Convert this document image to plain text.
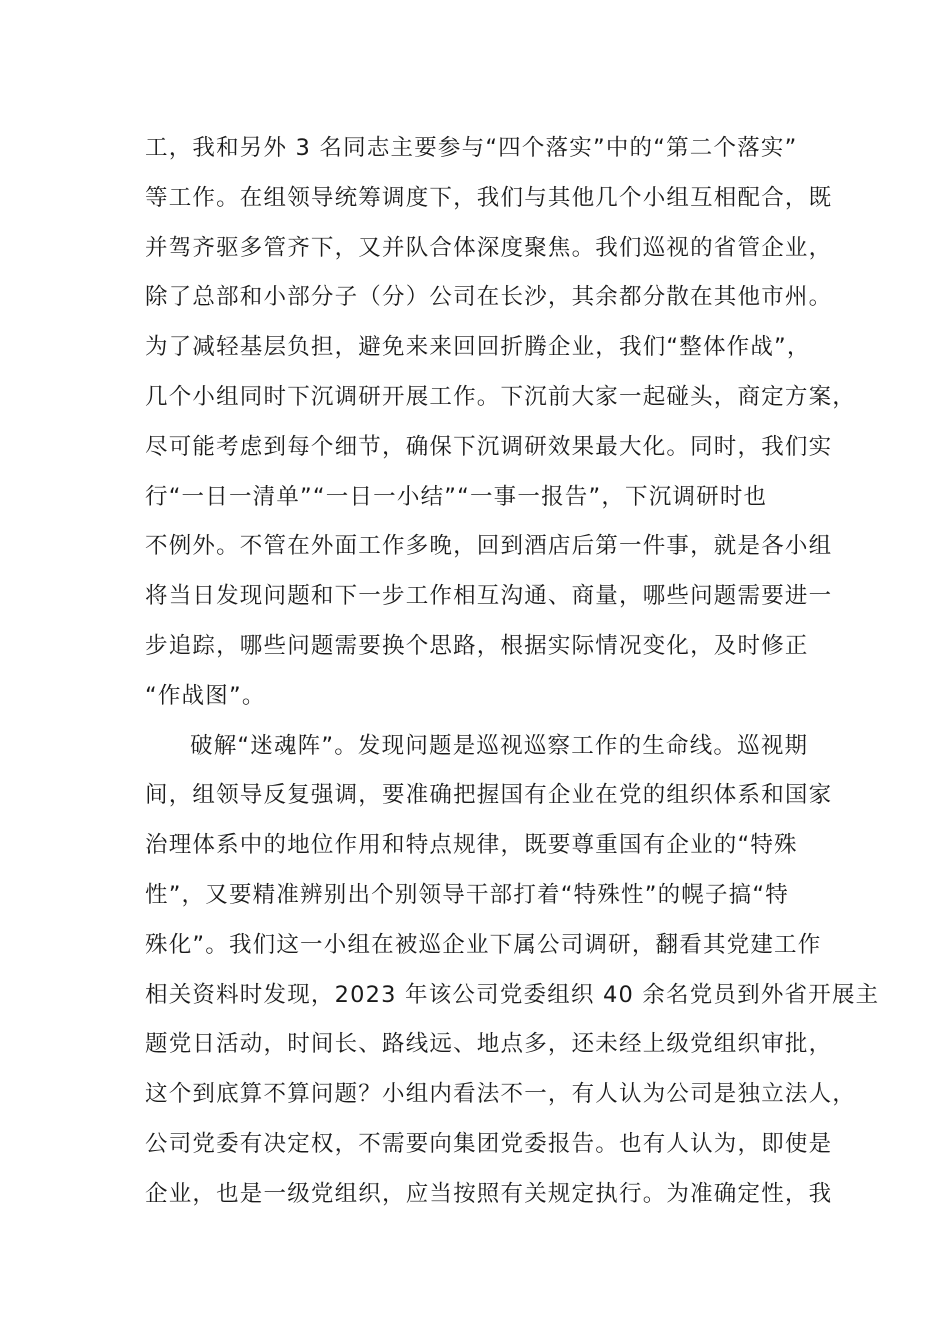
工，我和另外 3 名同志主要参与“四个落实”中的“第二个落实”
等工作。在组领导统筹调度下，我们与其他几个小组互相配合，既
并驾齐驱多管齐下，又并队合体深度聚焦。我们巡视的省管企业，
除了总部和小部分子（分）公司在长沙，其余都分散在其他市州。
为了减轻基层负担，避免来来回回折腾企业，我们“整体作战”，
几个小组同时下沉调研开展工作。下沉前大家一起碰头，商定方案，
尽可能考虑到每个细节，确保下沉调研效果最大化。同时，我们实
行“一日一清单”“一日一小结”“一事一报告”，下沉调研时也
不例外。不管在外面工作多晚，回到酒店后第一件事，就是各小组
将当日发现问题和下一步工作相互沟通、商量，哪些问题需要进一
步追踪，哪些问题需要换个思路，根据实际情况变化，及时修正
“作战图”。
破解“迷魂阵”。发现问题是巡视巡察工作的生命线。巡视期
间，组领导反复强调，要准确把握国有企业在党的组织体系和国家
治理体系中的地位作用和特点规律，既要尊重国有企业的“特殊
性”，又要精准辨别出个别领导干部打着“特殊性”的幌子搞“特
殊化”。我们这一小组在被巡企业下属公司调研，翻看其党建工作
相关资料时发现，2023 年该公司党委组织 40 余名党员到外省开展主
题党日活动，时间长、路线远、地点多，还未经上级党组织审批，
这个到底算不算问题？小组内看法不一，有人认为公司是独立法人，
公司党委有决定权，不需要向集团党委报告。也有人认为，即使是
企业，也是一级党组织，应当按照有关规定执行。为准确定性，我
